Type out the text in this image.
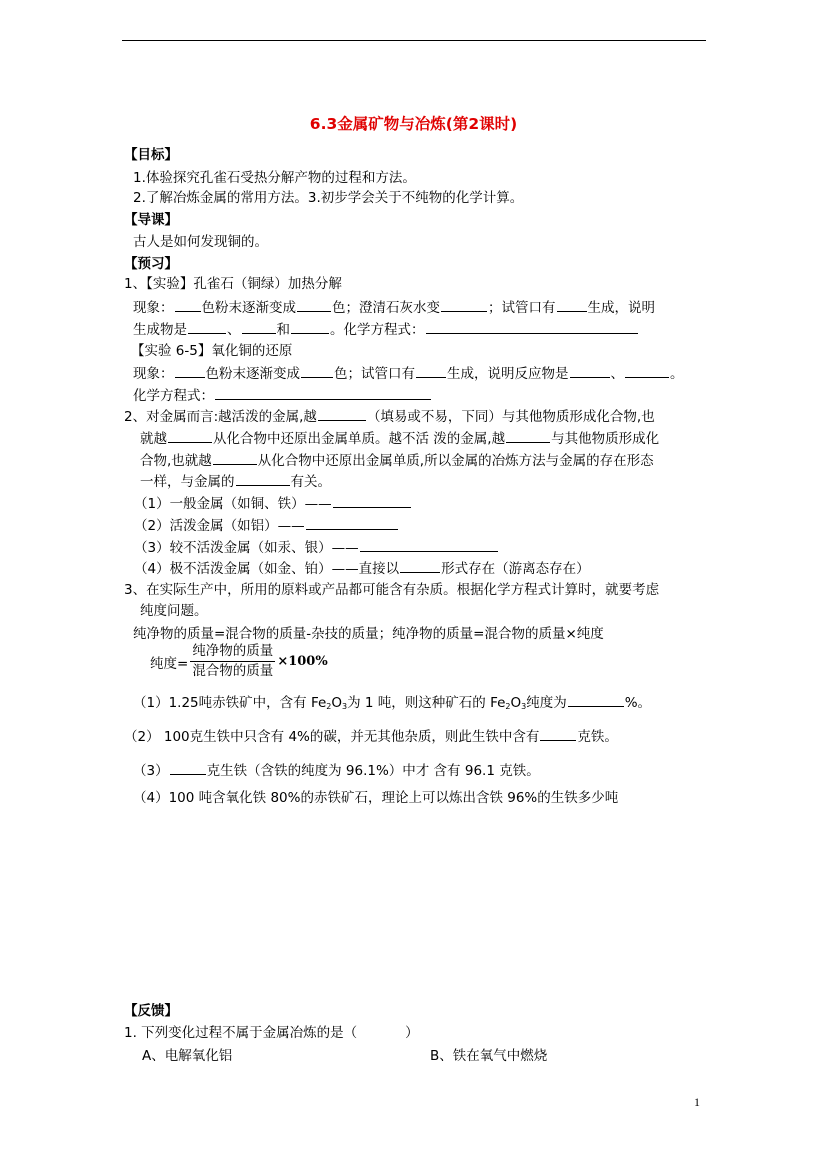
6.3金属矿物与冶炼(第2课时)
【目标】
1.体验探究孔雀石受热分解产物的过程和方法。
2.了解冶炼金属的常用方法。3.初步学会关于不纯物的化学计算。
【导课】
古人是如何发现铜的。
【预习】
1、【实验】孔雀石（铜绿）加热分解
现象： 色粉末逐渐变成	色；澄清石灰水变	；试管口有 生成，说明
生成物是	、	和	。化学方程式：
【实验 6-5】氧化铜的还原
现象： 色粉末逐渐变成	色；试管口有 生成，说明反应物是	、	。
化学方程式：
2、对金属而言:越活泼的金属,越	（填易或不易，下同）与其他物质形成化合物,也
就越	从化合物中还原出金属单质。越不活 泼的金属,越	与其他物质形成化
合物,也就越	从化合物中还原出金属单质,所以金属的冶炼方法与金属的存在形态
一样，与金属的	有关。
（1）一般金属（如铜、铁）——
（2）活泼金属（如铝）——
（3）较不活泼金属（如汞、银）——
（4）极不活泼金属（如金、铂）——直接以	形式存在（游离态存在）
3、在实际生产中，所用的原料或产品都可能含有杂质。根据化学方程式计算时，就要考虑
纯度问题。
纯净物的质量=混合物的质量-杂技的质量；纯净物的质量=混合物的质量×纯度
纯度= $\frac{\text{纯净物的质量}}{\text{混合物的质量}} \times 100\%$
（1）1.25吨赤铁矿中，含有 $Fe_2O_3$为 1 吨，则这种矿石的 $Fe_2O_3$纯度为	%。
（2） 100克生铁中只含有 4%的碳，并无其他杂质，则此生铁中含有	克铁。
（3）	克生铁（含铁的纯度为 96.1%）中才 含有 96.1 克铁。
（4）100 吨含氧化铁 80%的赤铁矿石，理论上可以炼出含铁 96%的生铁多少吨
【反馈】
1. 下列变化过程不属于金属冶炼的是（	）
A、电解氧化铝	B、铁在氧气中燃烧
1
